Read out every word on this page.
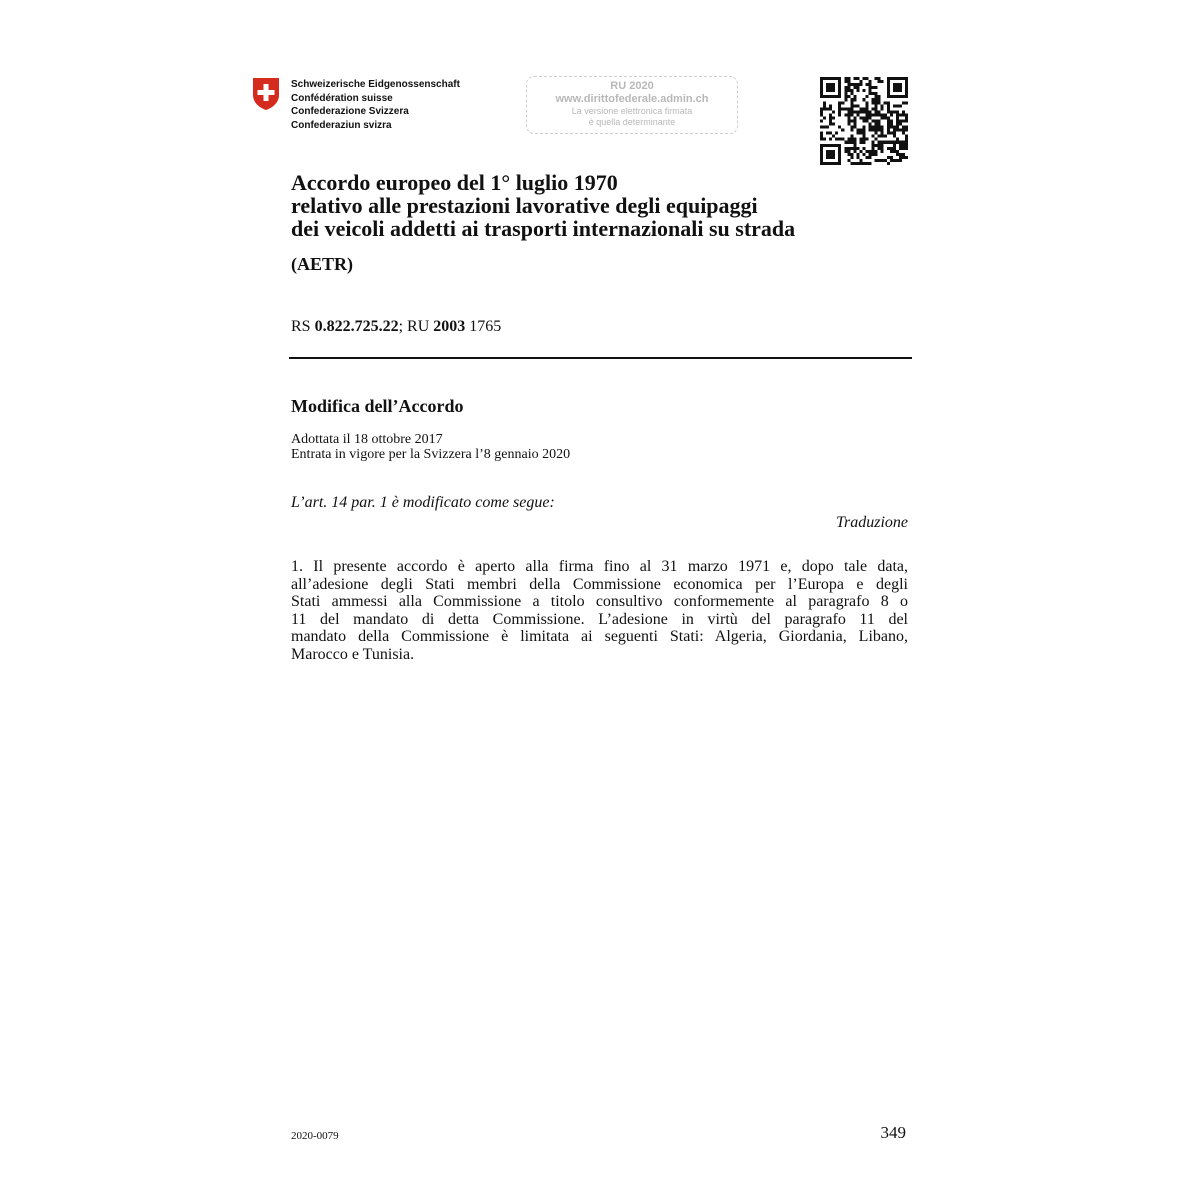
Schweizerische Eidgenossenschaft
Confédération suisse
Confederazione Svizzera
Confederaziun svizra
RU 2020
www.dirittofederale.admin.ch
La versione elettronica firmata
è quella determinante
Accordo europeo del 1° luglio 1970
relativo alle prestazioni lavorative degli equipaggi
dei veicoli addetti ai trasporti internazionali su strada
(AETR)
RS 0.822.725.22; RU 2003 1765
Modifica dell’Accordo
Adottata il 18 ottobre 2017
Entrata in vigore per la Svizzera l’8 gennaio 2020
L’art. 14 par. 1 è modificato come segue:
Traduzione
1. Il presente accordo è aperto alla firma fino al 31 marzo 1971 e, dopo tale data,
all’adesione degli Stati membri della Commissione economica per l’Europa e degli
Stati ammessi alla Commissione a titolo consultivo conformemente al paragrafo 8 o
11 del mandato di detta Commissione. L’adesione in virtù del paragrafo 11 del
mandato della Commissione è limitata ai seguenti Stati: Algeria, Giordania, Libano,
Marocco e Tunisia.
2020-0079	349
